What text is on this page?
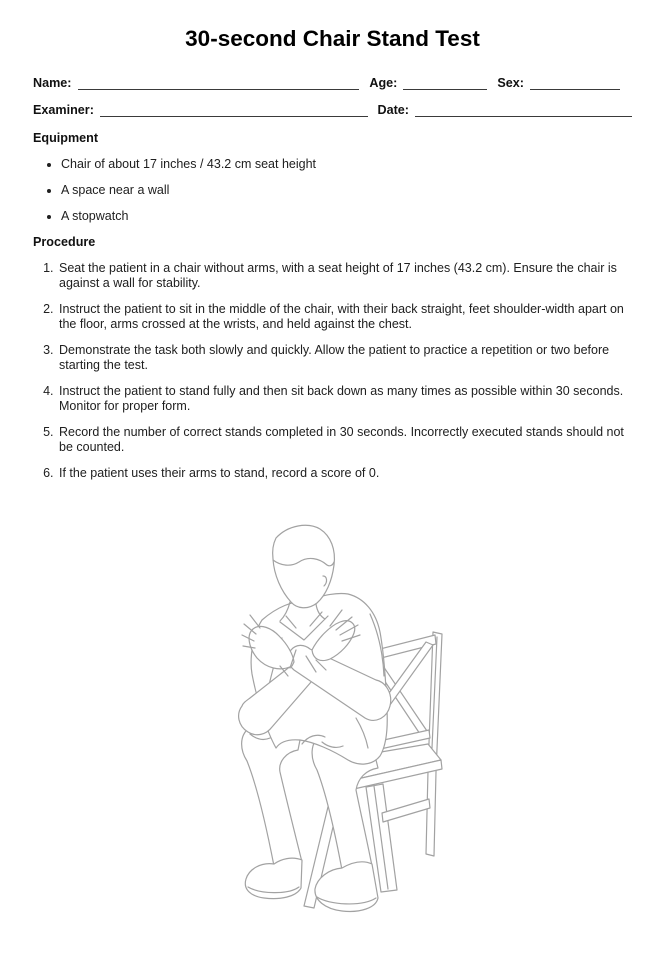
30-second Chair Stand Test
Name:	Age:	Sex:
Examiner:	Date:
Equipment
• Chair of about 17 inches / 43.2 cm seat height
• A space near a wall
• A stopwatch
Procedure
1. Seat the patient in a chair without arms, with a seat height of 17 inches (43.2 cm). Ensure the chair is against a wall for stability.
2. Instruct the patient to sit in the middle of the chair, with their back straight, feet shoulder-width apart on the floor, arms crossed at the wrists, and held against the chest.
3. Demonstrate the task both slowly and quickly. Allow the patient to practice a repetition or two before starting the test.
4. Instruct the patient to stand fully and then sit back down as many times as possible within 30 seconds. Monitor for proper form.
5. Record the number of correct stands completed in 30 seconds. Incorrectly executed stands should not be counted.
6. If the patient uses their arms to stand, record a score of 0.
